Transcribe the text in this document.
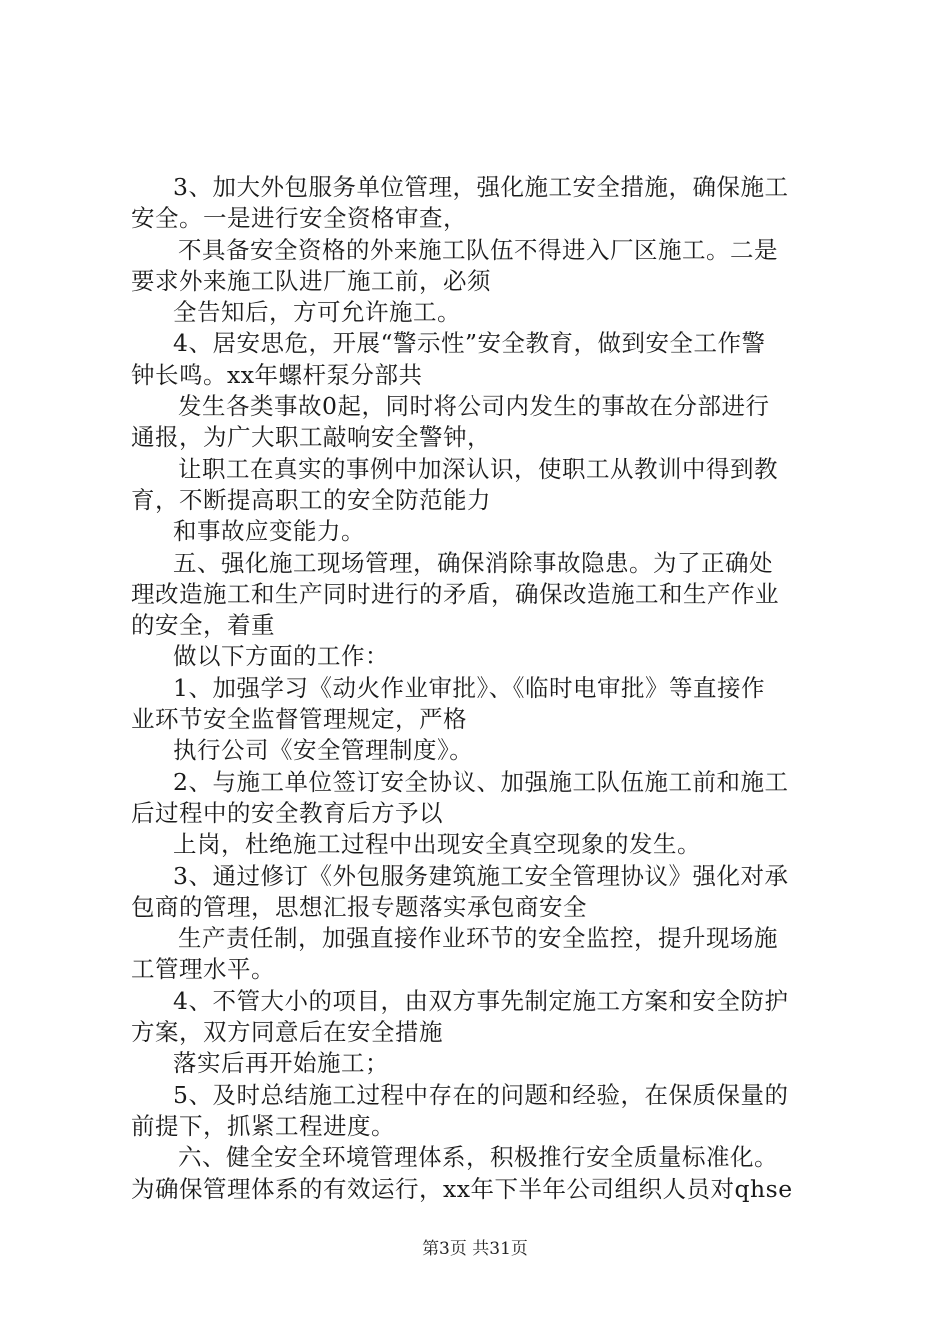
3、加大外包服务单位管理，强化施工安全措施，确保施工
安全。一是进行安全资格审查，
不具备安全资格的外来施工队伍不得进入厂区施工。二是
要求外来施工队进厂施工前，必须
全告知后，方可允许施工。
4、居安思危，开展“警示性”安全教育，做到安全工作警
钟长鸣。xx年螺杆泵分部共
发生各类事故0起，同时将公司内发生的事故在分部进行
通报，为广大职工敲响安全警钟，
让职工在真实的事例中加深认识，使职工从教训中得到教
育，不断提高职工的安全防范能力
和事故应变能力。
五、强化施工现场管理，确保消除事故隐患。为了正确处
理改造施工和生产同时进行的矛盾，确保改造施工和生产作业
的安全，着重
做以下方面的工作：
1、加强学习《动火作业审批》、《临时电审批》等直接作
业环节安全监督管理规定，严格
执行公司《安全管理制度》。
2、与施工单位签订安全协议、加强施工队伍施工前和施工
后过程中的安全教育后方予以
上岗，杜绝施工过程中出现安全真空现象的发生。
3、通过修订《外包服务建筑施工安全管理协议》强化对承
包商的管理，思想汇报专题落实承包商安全
生产责任制，加强直接作业环节的安全监控，提升现场施
工管理水平。
4、不管大小的项目，由双方事先制定施工方案和安全防护
方案，双方同意后在安全措施
落实后再开始施工；
5、及时总结施工过程中存在的问题和经验，在保质保量的
前提下，抓紧工程进度。
六、健全安全环境管理体系，积极推行安全质量标准化。
为确保管理体系的有效运行，xx年下半年公司组织人员对qhse
第3页 共31页
